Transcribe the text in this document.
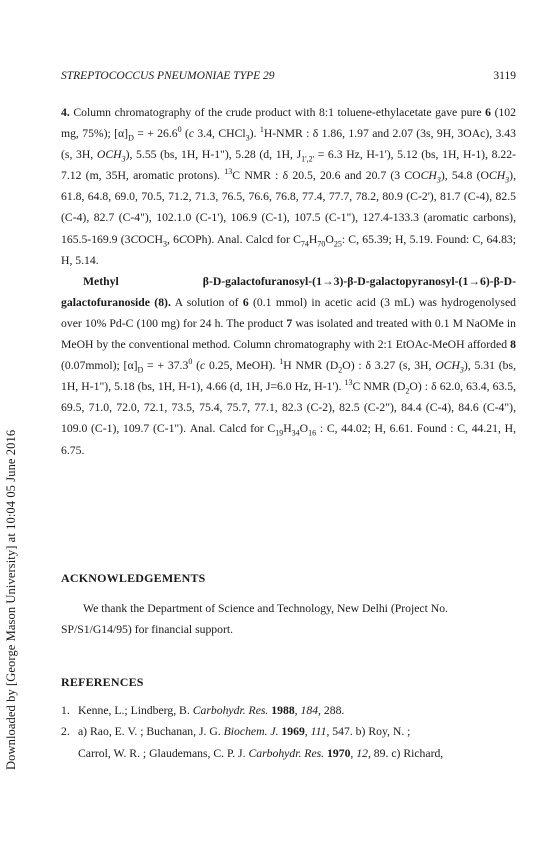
Downloaded by [George Mason University] at 10:04 05 June 2016
STREPTOCOCCUS PNEUMONIAE TYPE 29	3119

4. Column chromatography of the crude product with 8:1 toluene-ethylacetate gave pure 6 (102 mg, 75%); $[\alpha]_D$ = + $26.6^0$ (c 3.4, CHCl$_3$). $^1$H-NMR : δ 1.86, 1.97 and 2.07 (3s, 9H, 3OAc), 3.43 (s, 3H, $OCH_3$), 5.55 (bs, 1H, H-1"), 5.28 (d, 1H, $J_{1',2'} = 6.3$ Hz, H-1'), 5.12 (bs, 1H, H-1), 8.22-7.12 (m, 35H, aromatic protons). $^{13}$C NMR : δ 20.5, 20.6 and 20.7 (3 $COCH_3$), 54.8 $(OCH_3)$, 61.8, 64.8, 69.0, 70.5, 71.2, 71.3, 76.5, 76.6, 76.8, 77.4, 77.7, 78.2, 80.9 (C-2'), 81.7 (C-4), 82.5 (C-4), 82.7 (C-4"), 102.1.0 (C-1'), 106.9 (C-1), 107.5 (C-1"), 127.4-133.3 (aromatic carbons), 165.5-169.9 ($3COCH_3$, 6COPh). Anal. Calcd for $C_{74}H_{70}O_{25}$: C, 65.39; H, 5.19. Found: C, 64.83; H, 5.14.

Methyl β-D-galactofuranosyl-(1→3)-β-D-galactopyranosyl-(1→6)-β-D-galactofuranoside (8). A solution of 6 (0.1 mmol) in acetic acid (3 mL) was hydrogenolysed over 10% Pd-C (100 mg) for 24 h. The product 7 was isolated and treated with 0.1 M NaOMe in MeOH by the conventional method. Column chromatography with 2:1 EtOAc-MeOH afforded 8 (0.07mmol); $[\alpha]_D$ = + $37.3^0$ (c 0.25, MeOH). $^1$H NMR $(D_2O)$ : δ 3.27 (s, 3H, $OCH_3$), 5.31 (bs, 1H, H-1"), 5.18 (bs, 1H, H-1), 4.66 (d, 1H, J=6.0 Hz, H-1'). $^{13}$C NMR $(D_2O)$ : δ 62.0, 63.4, 63.5, 69.5, 71.0, 72.0, 72.1, 73.5, 75.4, 75.7, 77.1, 82.3 (C-2), 82.5 (C-2"), 84.4 (C-4), 84.6 (C-4"), 109.0 (C-1), 109.7 (C-1"). Anal. Calcd for $C_{19}H_{34}O_{16}$ : C, 44.02; H, 6.61. Found : C, 44.21, H, 6.75.

ACKNOWLEDGEMENTS

We thank the Department of Science and Technology, New Delhi (Project No. SP/S1/G14/95) for financial support.

REFERENCES

1. Kenne, L.; Lindberg, B. Carbohydr. Res. 1988, 184, 288.

2. a) Rao, E. V. ; Buchanan, J. G. Biochem. J. 1969, 111, 547. b) Roy, N. ;
Carrol, W. R. ; Glaudemans, C. P. J. Carbohydr. Res. 1970, 12, 89. c) Richard,
